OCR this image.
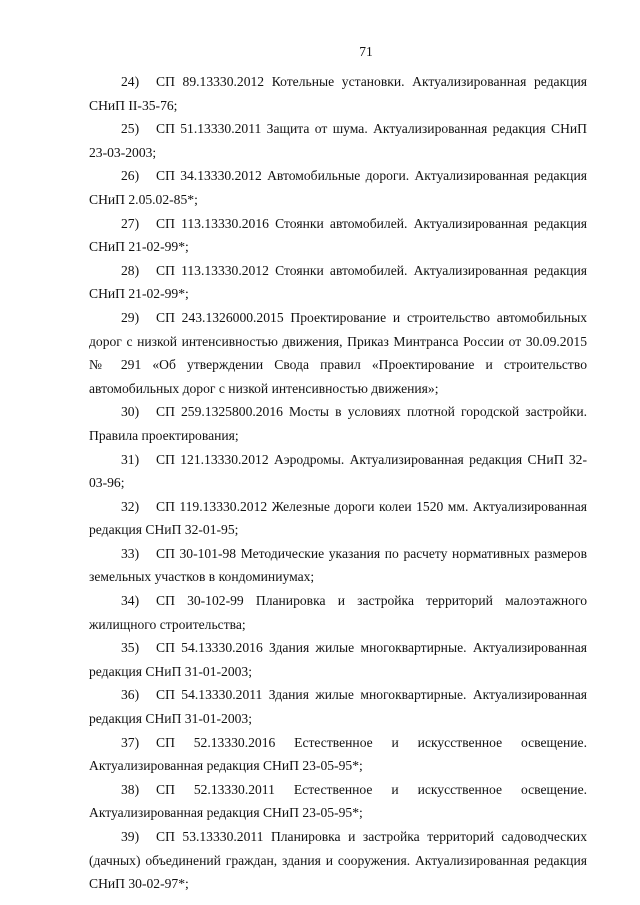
71

24) СП 89.13330.2012 Котельные установки. Актуализированная редакция СНиП II-35-76;

25) СП 51.13330.2011 Защита от шума. Актуализированная редакция СНиП 23-03-2003;

26) СП 34.13330.2012 Автомобильные дороги. Актуализированная редакция СНиП 2.05.02-85*;

27) СП 113.13330.2016 Стоянки автомобилей. Актуализированная редакция СНиП 21-02-99*;

28) СП 113.13330.2012 Стоянки автомобилей. Актуализированная редакция СНиП 21-02-99*;

29) СП 243.1326000.2015 Проектирование и строительство автомобильных дорог с низкой интенсивностью движения, Приказ Минтранса России от 30.09.2015 № 291 «Об утверждении Свода правил «Проектирование и строительство автомобильных дорог с низкой интенсивностью движения»;

30) СП 259.1325800.2016 Мосты в условиях плотной городской застройки. Правила проектирования;

31) СП 121.13330.2012 Аэродромы. Актуализированная редакция СНиП 32-03-96;

32) СП 119.13330.2012 Железные дороги колеи 1520 мм. Актуализированная редакция СНиП 32-01-95;

33) СП 30-101-98 Методические указания по расчету нормативных размеров земельных участков в кондоминиумах;

34) СП 30-102-99 Планировка и застройка территорий малоэтажного жилищного строительства;

35) СП 54.13330.2016 Здания жилые многоквартирные. Актуализированная редакция СНиП 31-01-2003;

36) СП 54.13330.2011 Здания жилые многоквартирные. Актуализированная редакция СНиП 31-01-2003;

37) СП 52.13330.2016 Естественное и искусственное освещение. Актуализированная редакция СНиП 23-05-95*;

38) СП 52.13330.2011 Естественное и искусственное освещение. Актуализированная редакция СНиП 23-05-95*;

39) СП 53.13330.2011 Планировка и застройка территорий садоводческих (дачных) объединений граждан, здания и сооружения. Актуализированная редакция СНиП 30-02-97*;
